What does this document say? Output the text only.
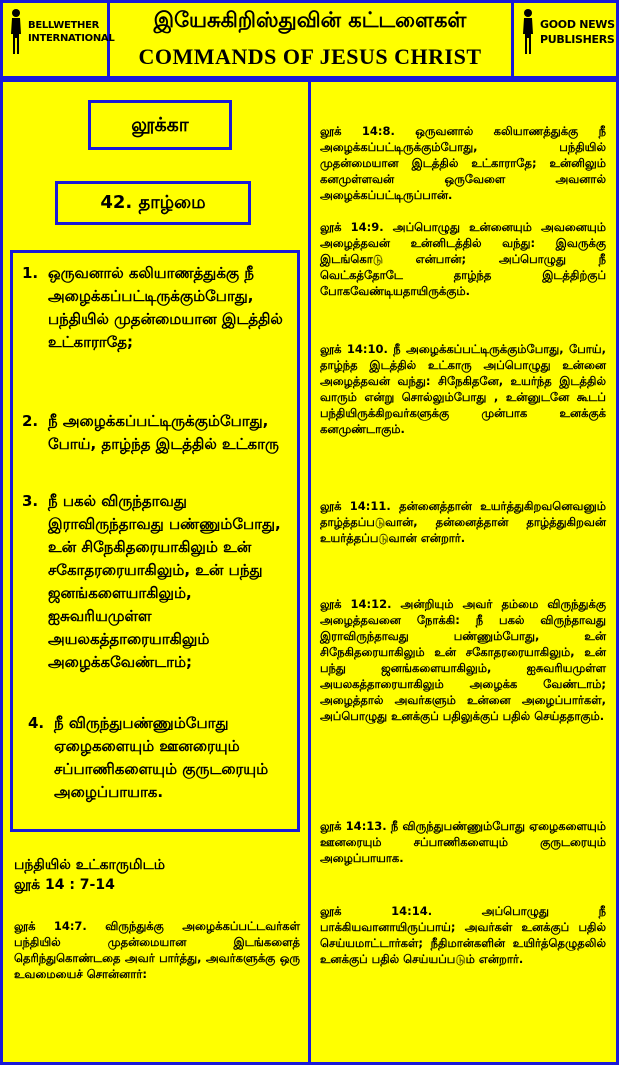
BELLWETHER
INTERNATIONAL
இயேசுகிறிஸ்துவின் கட்டளைகள்
COMMANDS OF JESUS CHRIST
GOOD NEWS
PUBLISHERS
லூக்கா
42. தாழ்மை
1. ஒருவனால் கலியாணத்துக்கு நீ அழைக்கப்பட்டிருக்கும்போது, பந்தியில் முதன்மையான இடத்தில் உட்காராதே;
2. நீ அழைக்கப்பட்டிருக்கும்போது, போய், தாழ்ந்த இடத்தில் உட்காரு
3. நீ பகல் விருந்தாவது இராவிருந்தாவது பண்ணும்போது, உன் சிநேகிதரையாகிலும் உன் சகோதரரையாகிலும், உன் பந்து ஜனங்களையாகிலும், ஐசுவரியமுள்ள அயலகத்தாரையாகிலும் அழைக்கவேண்டாம்;
4. நீ விருந்துபண்ணும்போது ஏழைகளையும் ஊனரையும் சப்பாணிகளையும் குருடரையும் அழைப்பாயாக.
பந்தியில் உட்காருமிடம்
லூக் 14 : 7-14
லூக் 14:7. விருந்துக்கு அழைக்கப்பட்டவர்கள் பந்தியில் முதன்மையான இடங்களைத் தெரிந்துகொண்டதை அவர் பார்த்து, அவர்களுக்கு ஒரு உவமையைச் சொன்னார்:
லூக் 14:8. ஒருவனால் கலியாணத்துக்கு நீ அழைக்கப்பட்டிருக்கும்போது, பந்தியில் முதன்மையான இடத்தில் உட்காராதே; உன்னிலும் கனமுள்ளவன் ஒருவேளை அவனால் அழைக்கப்பட்டிருப்பான்.
லூக் 14:9. அப்பொழுது உன்னையும் அவனையும் அழைத்தவன் உன்னிடத்தில் வந்து: இவருக்கு இடங்கொடு என்பான்; அப்பொழுது நீ வெட்கத்தோடே தாழ்ந்த இடத்திற்குப் போகவேண்டியதாயிருக்கும்.
லூக் 14:10. நீ அழைக்கப்பட்டிருக்கும்போது, போய், தாழ்ந்த இடத்தில் உட்காரு அப்பொழுது உன்னை அழைத்தவன் வந்து: சிநேகிதனே, உயர்ந்த இடத்தில் வாரும் என்று சொல்லும்போது , உன்னுடனே கூடப் பந்தியிருக்கிறவர்களுக்கு முன்பாக உனக்குக் கனமுண்டாகும்.
லூக் 14:11. தன்னைத்தான் உயர்த்துகிறவனெவனும் தாழ்த்தப்படுவான், தன்னைத்தான் தாழ்த்துகிறவன் உயர்த்தப்படுவான் என்றார்.
லூக் 14:12. அன்றியும் அவர் தம்மை விருந்துக்கு அழைத்தவனை நோக்கி: நீ பகல் விருந்தாவது இராவிருந்தாவது பண்ணும்போது, உன் சிநேகிதரையாகிலும் உன் சகோதரரையாகிலும், உன் பந்து ஜனங்களையாகிலும், ஐசுவரியமுள்ள அயலகத்தாரையாகிலும் அழைக்க வேண்டாம்; அழைத்தால் அவர்களும் உன்னை அழைப்பார்கள், அப்பொழுது உனக்குப் பதிலுக்குப் பதில் செய்ததாகும்.
லூக் 14:13. நீ விருந்துபண்ணும்போது ஏழைகளையும் ஊனரையும் சப்பாணிகளையும் குருடரையும் அழைப்பாயாக.
லூக் 14:14. அப்பொழுது நீ பாக்கியவானாயிருப்பாய்; அவர்கள் உனக்குப் பதில் செய்யமாட்டார்கள்; நீதிமான்களின் உயிர்த்தெழுதலில் உனக்குப் பதில் செய்யப்படும் என்றார்.
